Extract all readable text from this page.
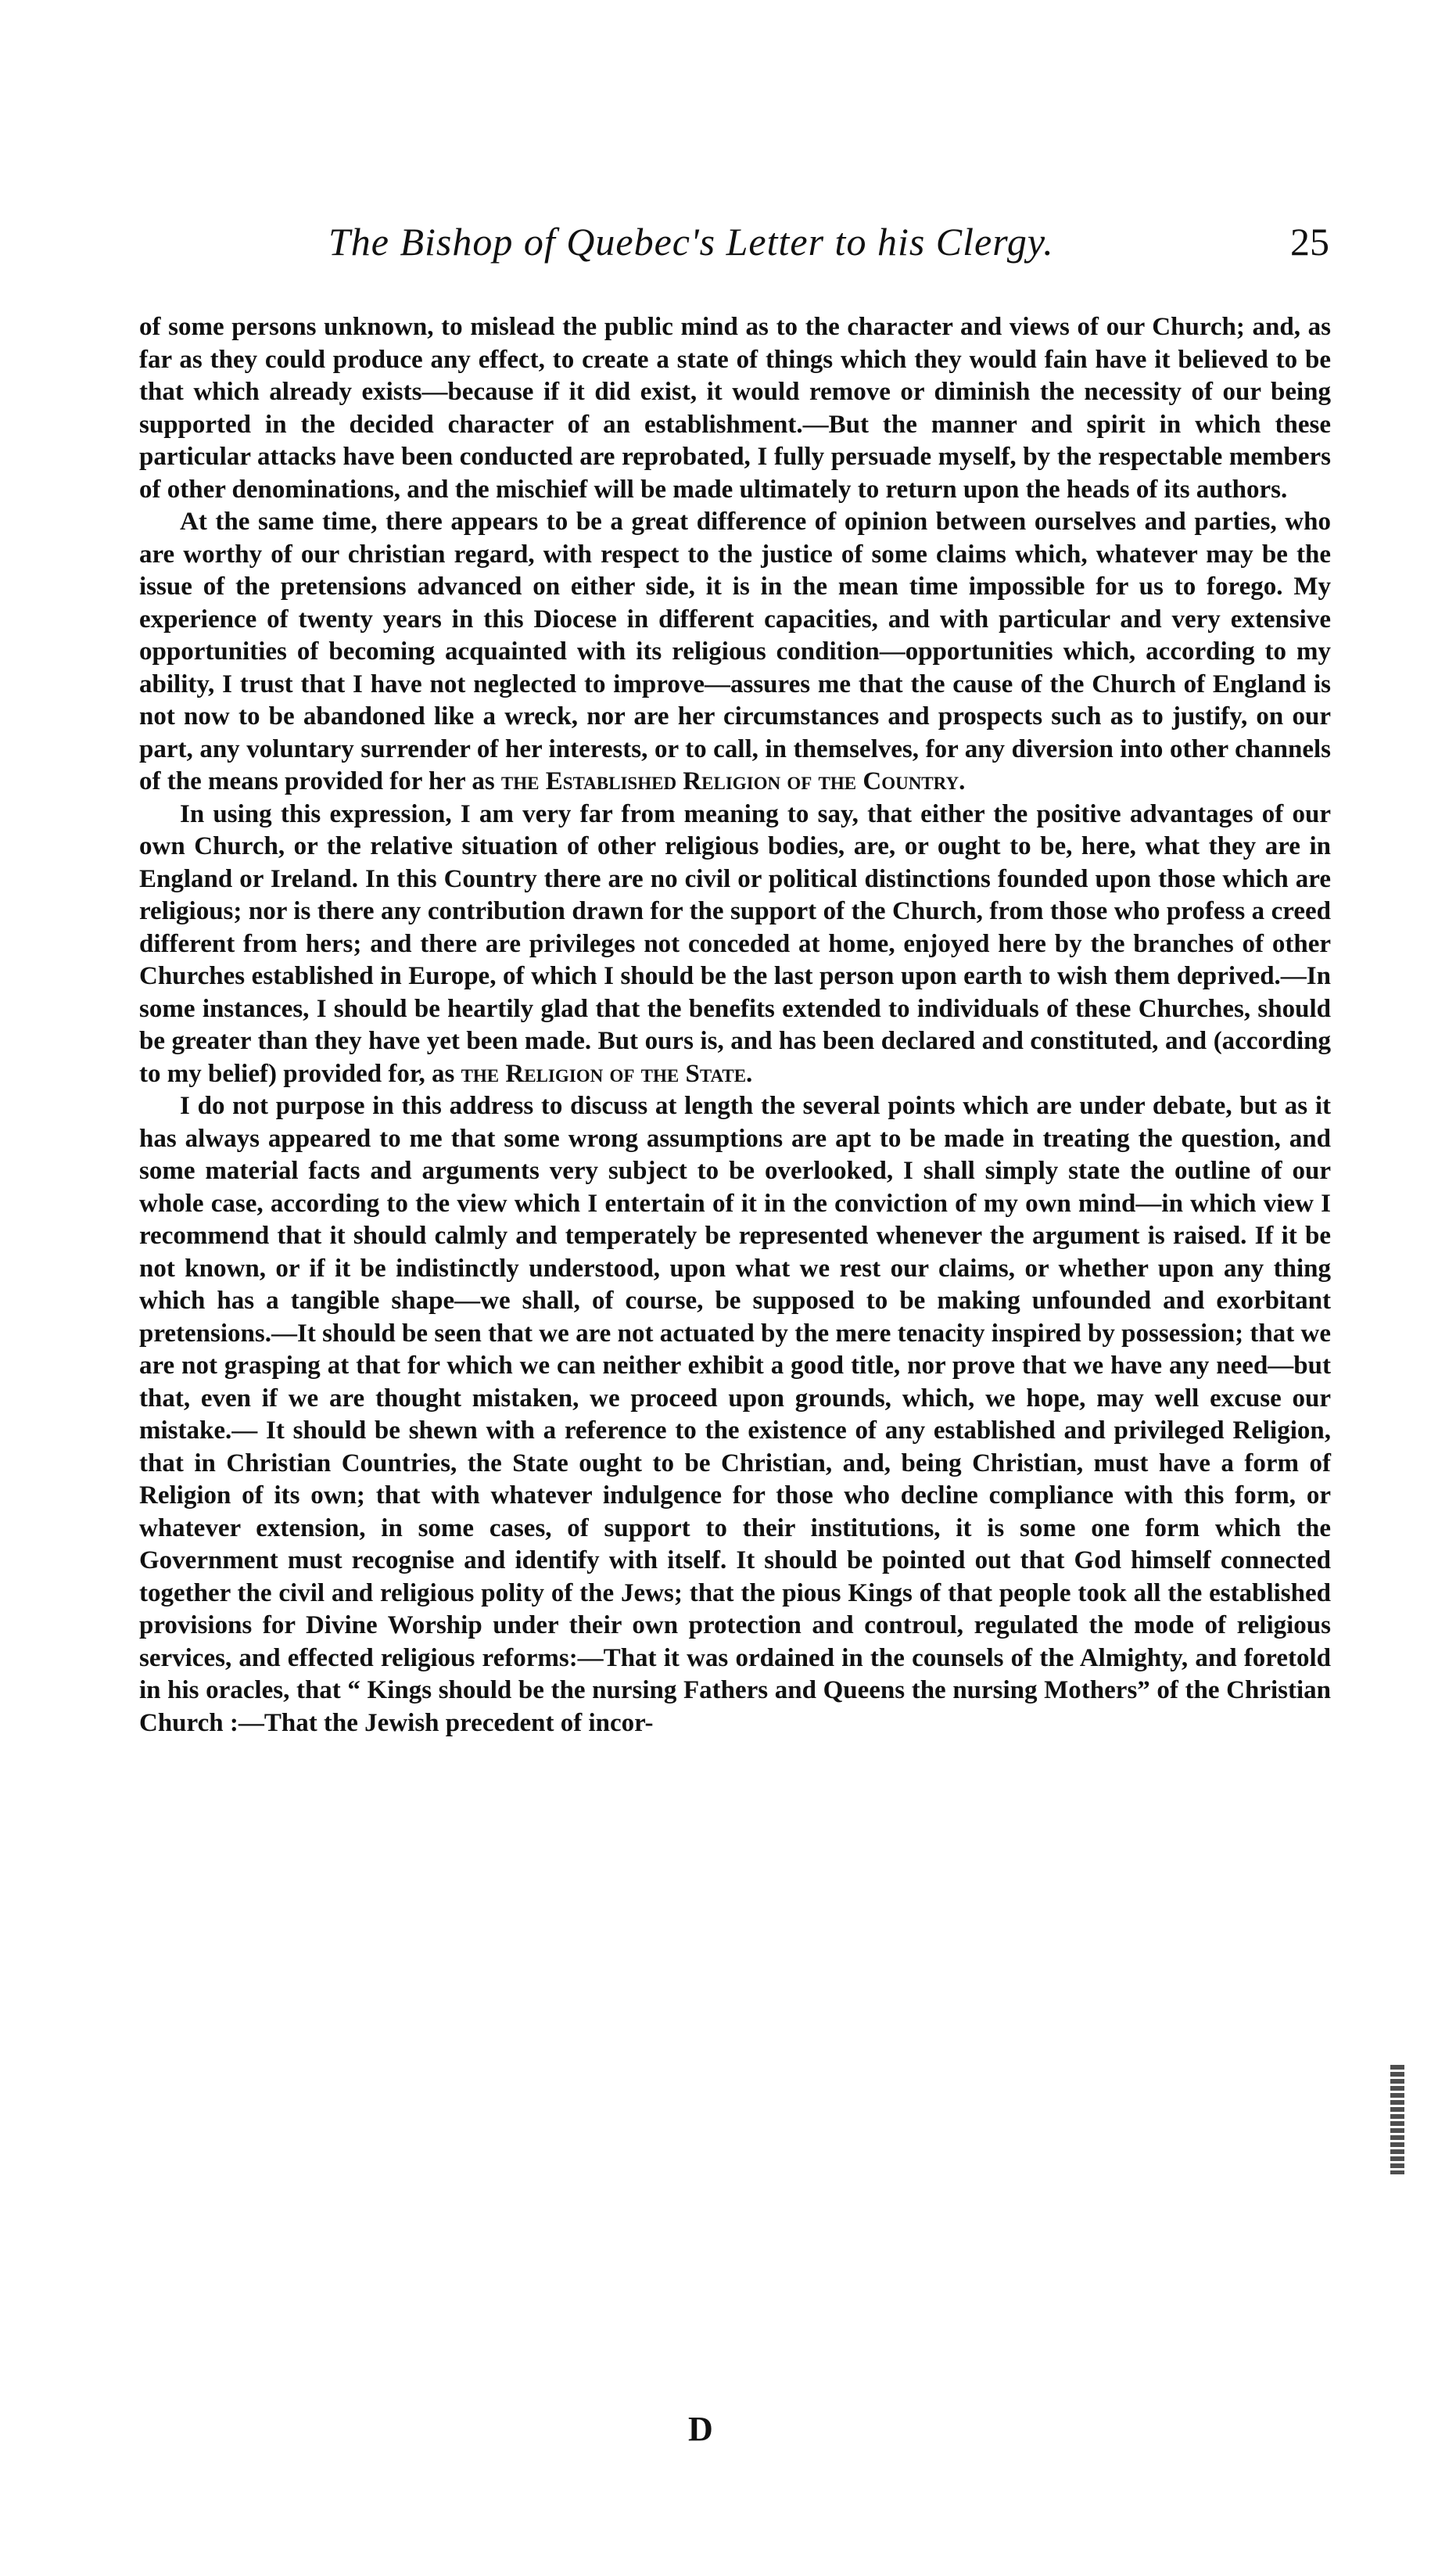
The Bishop of Quebec's Letter to his Clergy.	25

of some persons unknown, to mislead the public mind as to the character and views of our Church; and, as far as they could produce any effect, to create a state of things which they would fain have it believed to be that which already exists—because if it did exist, it would remove or diminish the necessity of our being supported in the decided character of an establishment.—But the manner and spirit in which these particular attacks have been conducted are reprobated, I fully persuade myself, by the respectable members of other denominations, and the mischief will be made ultimately to return upon the heads of its authors.

At the same time, there appears to be a great difference of opinion between ourselves and parties, who are worthy of our christian regard, with respect to the justice of some claims which, whatever may be the issue of the pretensions advanced on either side, it is in the mean time impossible for us to forego. My experience of twenty years in this Diocese in different capacities, and with particular and very extensive opportunities of becoming acquainted with its religious condition—opportunities which, according to my ability, I trust that I have not neglected to improve—assures me that the cause of the Church of England is not now to be abandoned like a wreck, nor are her circumstances and prospects such as to justify, on our part, any voluntary surrender of her interests, or to call, in themselves, for any diversion into other channels of the means provided for her as the Established Religion of the Country.

In using this expression, I am very far from meaning to say, that either the positive advantages of our own Church, or the relative situation of other religious bodies, are, or ought to be, here, what they are in England or Ireland. In this Country there are no civil or political distinctions founded upon those which are religious; nor is there any contribution drawn for the support of the Church, from those who profess a creed different from hers; and there are privileges not conceded at home, enjoyed here by the branches of other Churches established in Europe, of which I should be the last person upon earth to wish them deprived.—In some instances, I should be heartily glad that the benefits extended to individuals of these Churches, should be greater than they have yet been made. But ours is, and has been declared and constituted, and (according to my belief) provided for, as the Religion of the State.

I do not purpose in this address to discuss at length the several points which are under debate, but as it has always appeared to me that some wrong assumptions are apt to be made in treating the question, and some material facts and arguments very subject to be overlooked, I shall simply state the outline of our whole case, according to the view which I entertain of it in the conviction of my own mind—in which view I recommend that it should calmly and temperately be represented whenever the argument is raised. If it be not known, or if it be indistinctly understood, upon what we rest our claims, or whether upon any thing which has a tangible shape—we shall, of course, be supposed to be making unfounded and exorbitant pretensions.—It should be seen that we are not actuated by the mere tenacity inspired by possession; that we are not grasping at that for which we can neither exhibit a good title, nor prove that we have any need—but that, even if we are thought mistaken, we proceed upon grounds, which, we hope, may well excuse our mistake.— It should be shewn with a reference to the existence of any established and privileged Religion, that in Christian Countries, the State ought to be Christian, and, being Christian, must have a form of Religion of its own; that with whatever indulgence for those who decline compliance with this form, or whatever extension, in some cases, of support to their institutions, it is some one form which the Government must recognise and identify with itself. It should be pointed out that God himself connected together the civil and religious polity of the Jews; that the pious Kings of that people took all the established provisions for Divine Worship under their own protection and controul, regulated the mode of religious services, and effected religious reforms:—That it was ordained in the counsels of the Almighty, and foretold in his oracles, that “ Kings should be the nursing Fathers and Queens the nursing Mothers” of the Christian Church :—That the Jewish precedent of incor-

D
